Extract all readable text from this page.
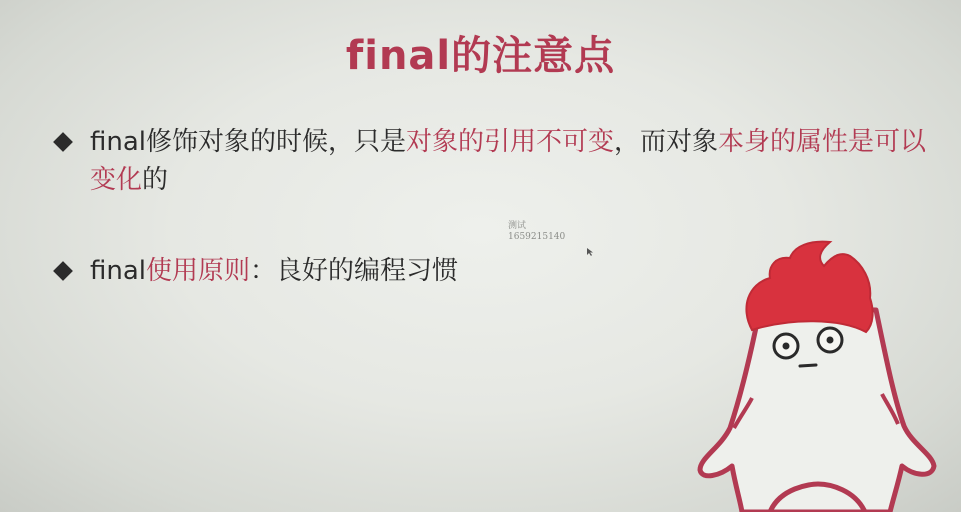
final的注意点
final修饰对象的时候，只是对象的引用不可变，而对象本身的属性是可以变化的
测试
1659215140
final使用原则：良好的编程习惯
